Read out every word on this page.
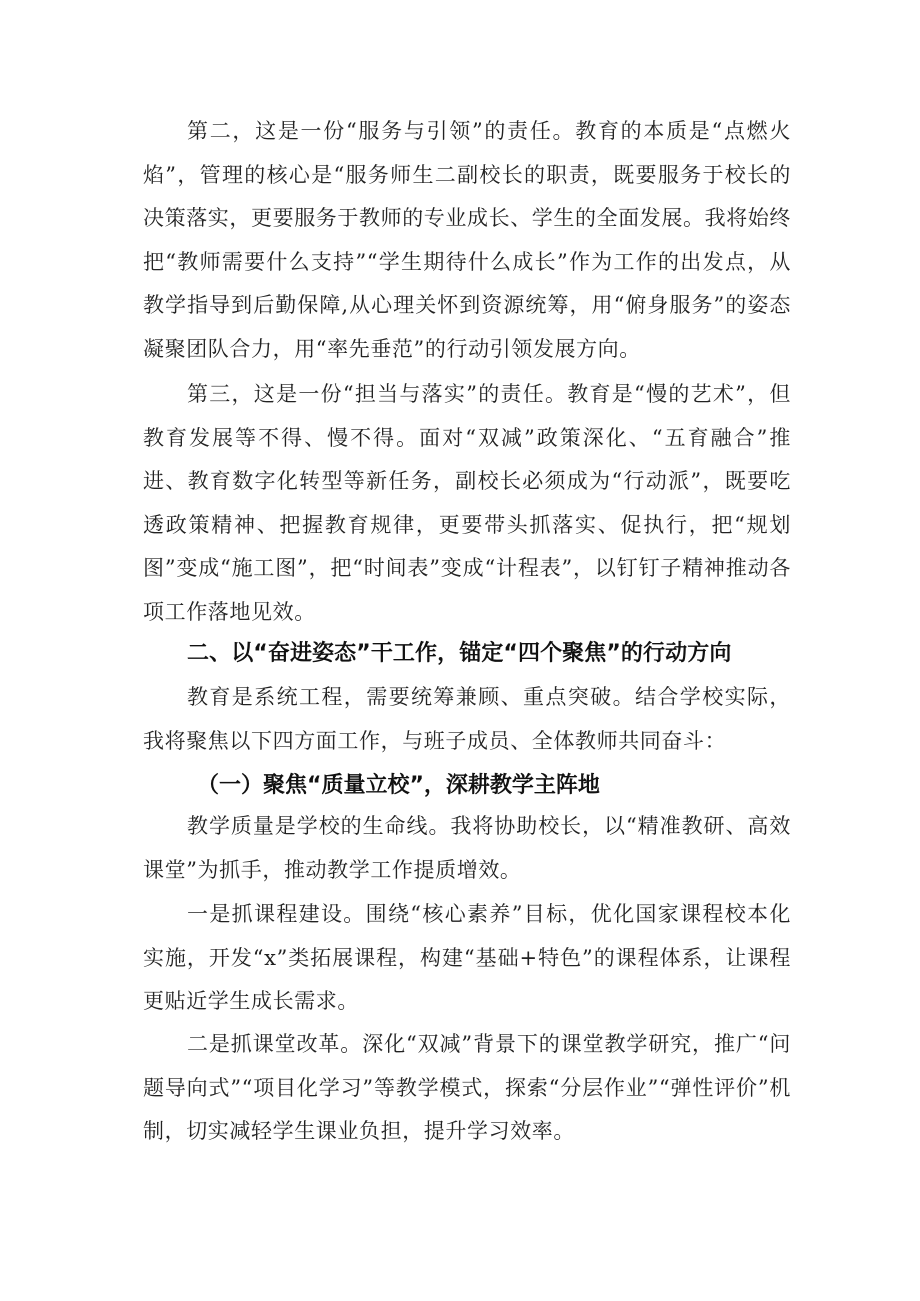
第二，这是一份“服务与引领”的责任。教育的本质是“点燃火焰”，管理的核心是“服务师生二副校长的职责，既要服务于校长的决策落实，更要服务于教师的专业成长、学生的全面发展。我将始终把“教师需要什么支持”“学生期待什么成长”作为工作的出发点，从教学指导到后勤保障,从心理关怀到资源统筹，用“俯身服务”的姿态凝聚团队合力，用“率先垂范”的行动引领发展方向。

第三，这是一份“担当与落实”的责任。教育是“慢的艺术”，但教育发展等不得、慢不得。面对“双减”政策深化、“五育融合”推进、教育数字化转型等新任务，副校长必须成为“行动派”，既要吃透政策精神、把握教育规律，更要带头抓落实、促执行，把“规划图”变成“施工图”，把“时间表”变成“计程表”，以钉钉子精神推动各项工作落地见效。

二、以“奋进姿态”干工作，锚定“四个聚焦”的行动方向

教育是系统工程，需要统筹兼顾、重点突破。结合学校实际，我将聚焦以下四方面工作，与班子成员、全体教师共同奋斗：

（一）聚焦“质量立校”，深耕教学主阵地

教学质量是学校的生命线。我将协助校长，以“精准教研、高效课堂”为抓手，推动教学工作提质增效。

一是抓课程建设。围绕“核心素养”目标，优化国家课程校本化实施，开发“x”类拓展课程，构建“基础+特色”的课程体系，让课程更贴近学生成长需求。

二是抓课堂改革。深化“双减”背景下的课堂教学研究，推广“问题导向式”“项目化学习”等教学模式，探索“分层作业”“弹性评价”机制，切实减轻学生课业负担，提升学习效率。
